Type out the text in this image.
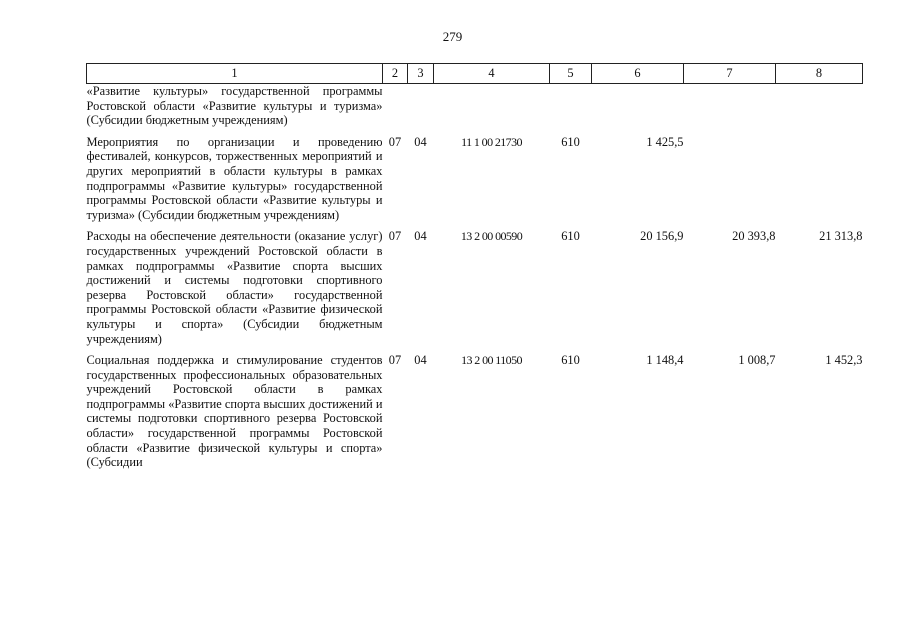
279
1	2	3	4	5	6	7	8
«Развитие культуры» государственной программы Ростовской области «Развитие культуры и туризма» (Субсидии бюджетным учреждениям)							
Мероприятия по организации и проведению фестивалей, конкурсов, торжественных мероприятий и других мероприятий в области культуры в рамках подпрограммы «Развитие культуры» государственной программы Ростовской области «Развитие культуры и туризма» (Субсидии бюджетным учреждениям)	07	04	11 1 00 21730	610	1 425,5		
Расходы на обеспечение деятельности (оказание услуг) государственных учреждений Ростовской области в рамках подпрограммы «Развитие спорта высших достижений и системы подготовки спортивного резерва Ростовской области» государственной программы Ростовской области «Развитие физической культуры и спорта» (Субсидии бюджетным учреждениям)	07	04	13 2 00 00590	610	20 156,9	20 393,8	21 313,8
Социальная поддержка и стимулирование студентов государственных профессиональных образовательных учреждений Ростовской области в рамках подпрограммы «Развитие спорта высших достижений и системы подготовки спортивного резерва Ростовской области» государственной программы Ростовской области «Развитие физической культуры и спорта» (Субсидии	07	04	13 2 00 11050	610	1 148,4	1 008,7	1 452,3
